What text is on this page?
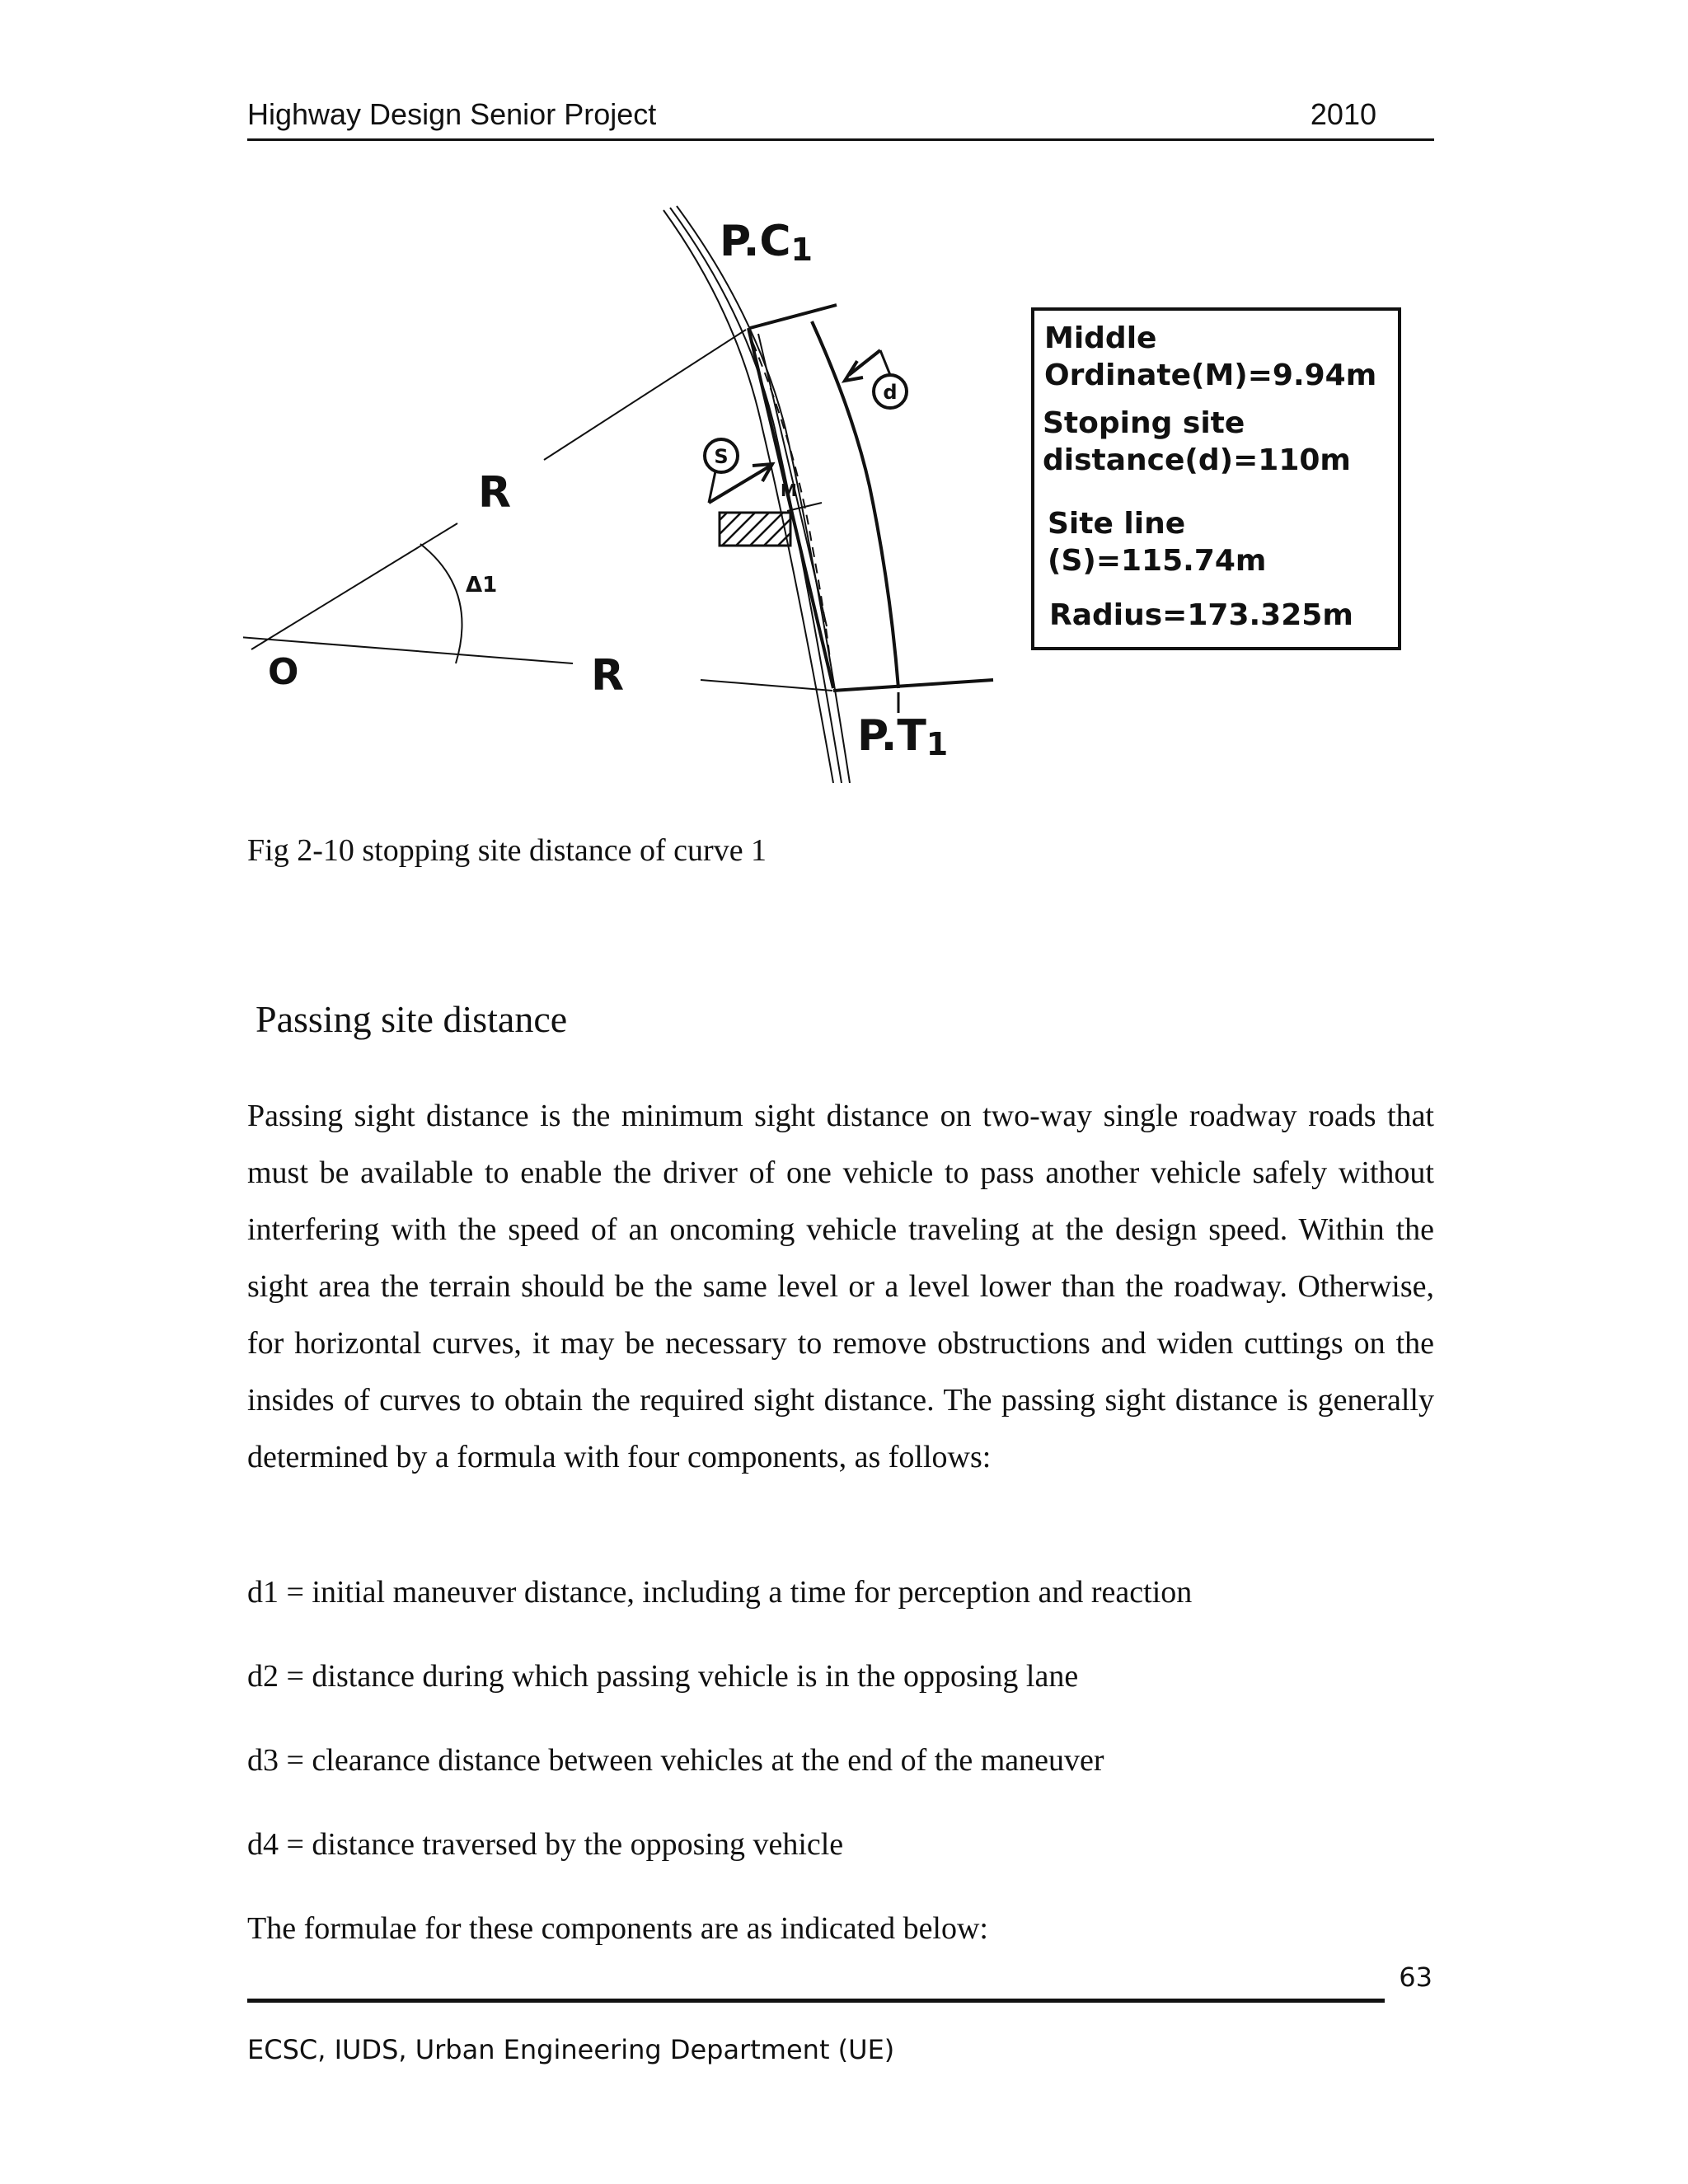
Highway Design Senior Project	2010
d
S
M
P.C1
P.T1
R
R
O
Δ1
Middle
Ordinate(M)=9.94m
Stoping site
distance(d)=110m
Site line
(S)=115.74m
Radius=173.325m
Fig 2-10 stopping site distance of curve 1
Passing site distance

Passing sight distance is the minimum sight distance on two-way single roadway roads that must be available to enable the driver of one vehicle to pass another vehicle safely without interfering with the speed of an oncoming vehicle traveling at the design speed. Within the sight area the terrain should be the same level or a level lower than the roadway. Otherwise, for horizontal curves, it may be necessary to remove obstructions and widen cuttings on the insides of curves to obtain the required sight distance. The passing sight distance is generally determined by a formula with four components, as follows:

d1 = initial maneuver distance, including a time for perception and reaction
d2 = distance during which passing vehicle is in the opposing lane
d3 = clearance distance between vehicles at the end of the maneuver
d4 = distance traversed by the opposing vehicle
The formulae for these components are as indicated below:
63
ECSC, IUDS, Urban Engineering Department (UE)
